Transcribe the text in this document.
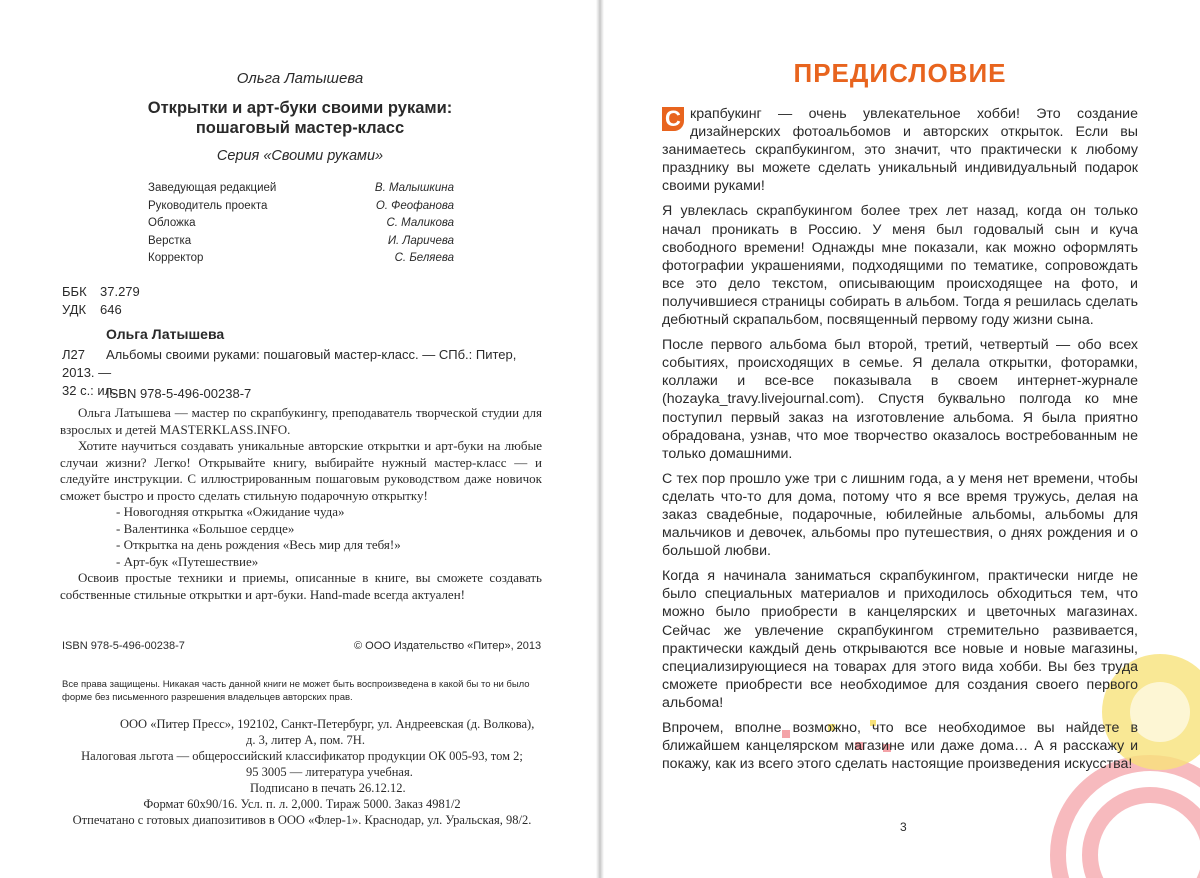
Ольга Латышева
Открытки и арт-буки своими руками:
пошаговый мастер-класс
Серия «Своими руками»
Заведующая редакцией	В. Малышкина
Руководитель проекта	О. Феофанова
Обложка	С. Маликова
Верстка	И. Ларичева
Корректор	С. Беляева
ББК 37.279
УДК 646
Ольга Латышева
Л27 Альбомы своими руками: пошаговый мастер-класс. — СПб.: Питер, 2013. —
32 с.: ил.
ISBN 978-5-496-00238-7

Ольга Латышева — мастер по скрапбукингу, преподаватель творческой студии для взрослых и детей MASTERKLASS.INFO.

Хотите научиться создавать уникальные авторские открытки и арт-буки на любые случаи жизни? Легко! Открывайте книгу, выбирайте нужный мастер-класс — и следуйте инструкции. С иллюстрированным пошаговым руководством даже новичок сможет быстро и просто сделать стильную подарочную открытку!

- Новогодняя открытка «Ожидание чуда»

- Валентинка «Большое сердце»

- Открытка на день рождения «Весь мир для тебя!»

- Арт-бук «Путешествие»

Освоив простые техники и приемы, описанные в книге, вы сможете создавать собственные стильные открытки и арт-буки. Hand-made всегда актуален!

ISBN 978-5-496-00238-7	© ООО Издательство «Питер», 2013
Все права защищены. Никакая часть данной книги не может быть воспроизведена в какой бы то ни было форме без письменного разрешения владельцев авторских прав.
ООО «Питер Пресс», 192102, Санкт-Петербург, ул. Андреевская (д. Волкова),
д. 3, литер А, пом. 7Н.
Налоговая льгота — общероссийский классификатор продукции ОК 005-93, том 2;
95 3005 — литература учебная.
Подписано в печать 26.12.12.
Формат 60х90/16. Усл. п. л. 2,000. Тираж 5000. Заказ 4981/2
Отпечатано с готовых диапозитивов в ООО «Флер-1». Краснодар, ул. Уральская, 98/2.
ПРЕДИСЛОВИЕ

С крапбукинг — очень увлекательное хобби! Это создание дизайнерских фотоальбомов и авторских открыток. Если вы занимаетесь скрапбукингом, это значит, что практически к любому празднику вы можете сделать уникальный индивидуальный подарок своими руками!

Я увлеклась скрапбукингом более трех лет назад, когда он только начал проникать в Россию. У меня был годовалый сын и куча свободного времени! Однажды мне показали, как можно оформлять фотографии украшениями, подходящими по тематике, сопровождать все это дело текстом, описывающим происходящее на фото, и получившиеся страницы собирать в альбом. Тогда я решилась сделать дебютный скрапальбом, посвященный первому году жизни сына.

После первого альбома был второй, третий, четвертый — обо всех событиях, происходящих в семье. Я делала открытки, фоторамки, коллажи и все-все показывала в своем интернет-журнале (hozayka_travy.livejournal.com). Спустя буквально полгода ко мне поступил первый заказ на изготовление альбома. Я была приятно обрадована, узнав, что мое творчество оказалось востребованным не только домашними.

С тех пор прошло уже три с лишним года, а у меня нет времени, чтобы сделать что-то для дома, потому что я все время тружусь, делая на заказ свадебные, подарочные, юбилейные альбомы, альбомы для мальчиков и девочек, альбомы про путешествия, о днях рождения и о большой любви.

Когда я начинала заниматься скрапбукингом, практически нигде не было специальных материалов и приходилось обходиться тем, что можно было приобрести в канцелярских и цветочных магазинах. Сейчас же увлечение скрапбукингом стремительно развивается, практически каждый день открываются все новые и новые магазины, специализирующиеся на товарах для этого вида хобби. Вы без труда сможете приобрести все необходимое для создания своего первого альбома!

Впрочем, вполне возможно, что все необходимое вы найдете в ближайшем канцелярском магазине или даже дома… А я расскажу и покажу, как из всего этого сделать настоящие произведения искусства!

3
